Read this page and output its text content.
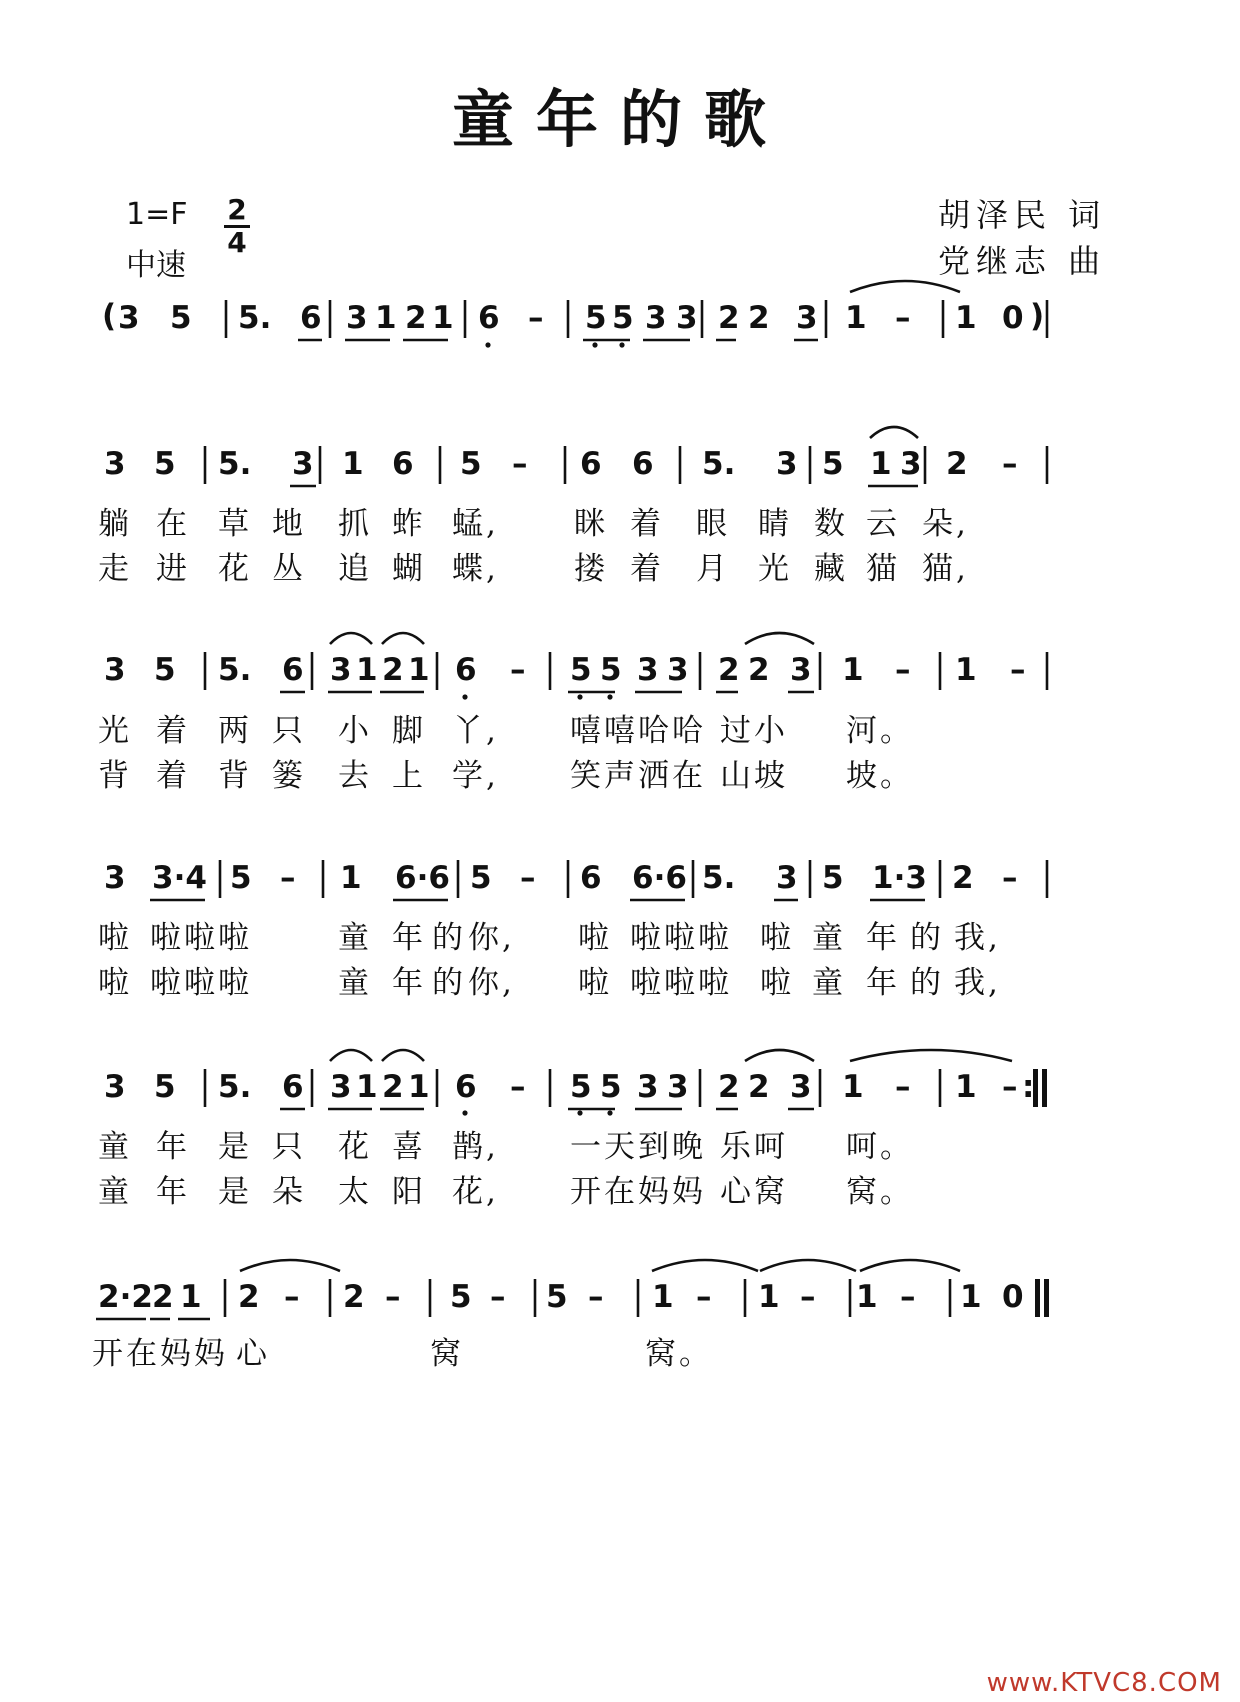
童年的歌
1=F 2
4
中速
胡泽民 词
党继志 曲
( 3 5 5. 6 3 1 2 1 6 – 5 5 3 3 2 2 3 1 – 1 0 )
3 5 5. 3 1 6 5 – 6 6 5. 3 5 1 3 2 –
躺 在 草 地 抓 蚱 蜢, 眯 着 眼 睛 数 云 朵,
走 进 花 丛 追 蝴 蝶, 搂 着 月 光 藏 猫 猫,
3 5 5. 6 3 1 2 1 6 – 5 5 3 3 2 2 3 1 – 1 –
光 着 两 只 小 脚 丫, 嘻嘻哈哈 过小 河。
背 着 背 篓 去 上 学, 笑声洒在 山坡 坡。
3 3·4 5 – 1 6·6 5 – 6 6·6 5. 3 5 1·3 2 –
啦 啦啦啦	童 年 的 你, 啦 啦啦啦 啦 童 年 的 我,
啦 啦啦啦	童 年 的 你, 啦 啦啦啦 啦 童 年 的 我,
3 5 5. 6 3 1 2 1 6 – 5 5 3 3 2 2 3 1 – 1 – :
童 年 是 只 花 喜 鹊, 一天到晚 乐呵 呵。
童 年 是 朵 太 阳 花, 开在妈妈 心窝 窝。
2·2 2 1 2 – 2 – 5 – 5 – 1 – 1 – 1 – 1 0
开在妈妈 心	窝	窝。
www.KTVC8.COM
